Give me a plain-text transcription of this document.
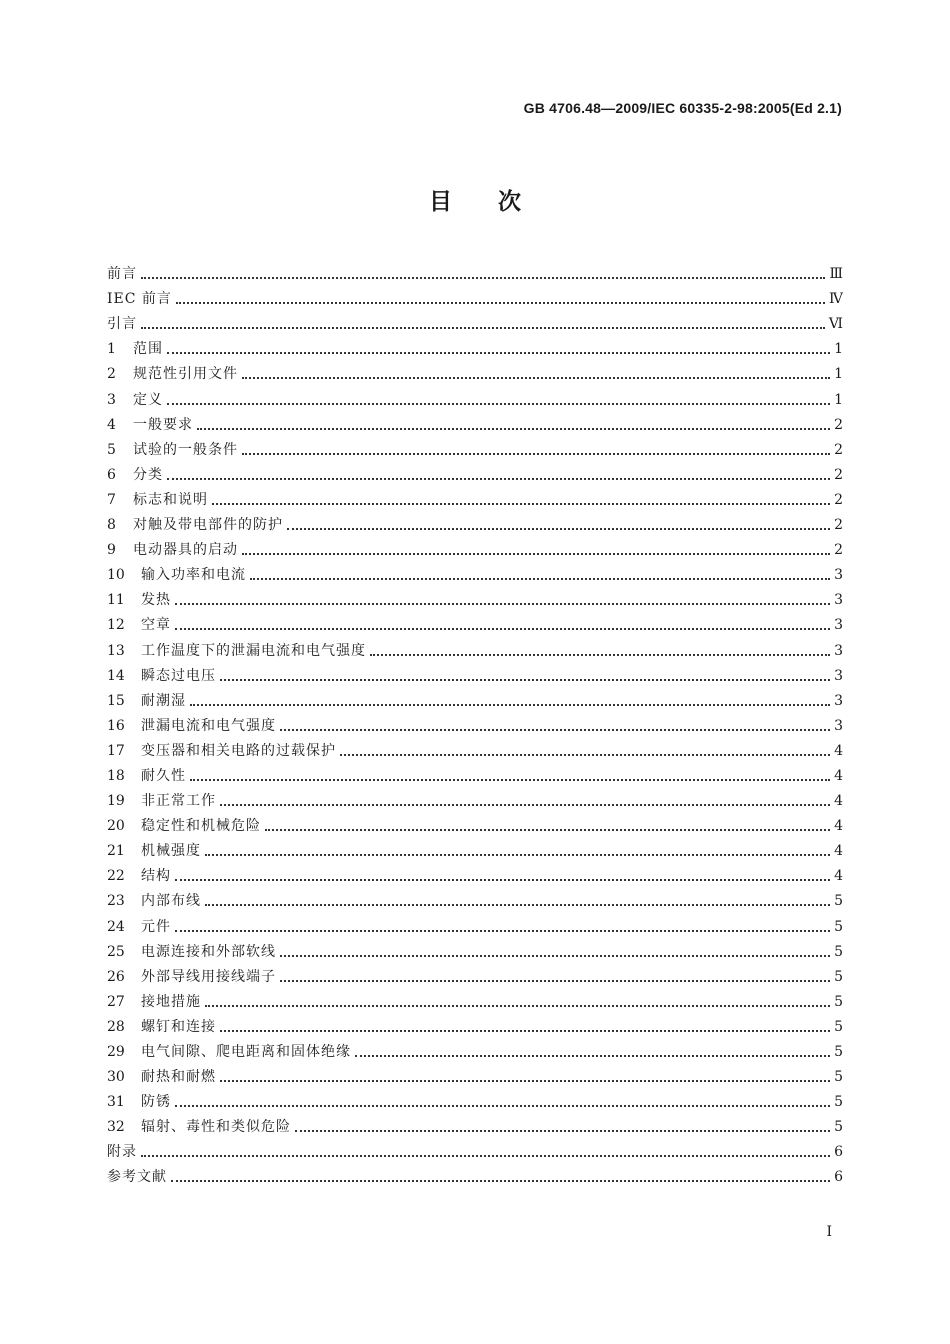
GB 4706.48—2009/IEC 60335-2-98:2005(Ed 2.1)
目　　次
前言	Ⅲ
IEC 前言	Ⅳ
引言	Ⅵ
1	范围	1
2	规范性引用文件	1
3	定义	1
4	一般要求	2
5	试验的一般条件	2
6	分类	2
7	标志和说明	2
8	对触及带电部件的防护	2
9	电动器具的启动	2
10	输入功率和电流	3
11	发热	3
12	空章	3
13	工作温度下的泄漏电流和电气强度	3
14	瞬态过电压	3
15	耐潮湿	3
16	泄漏电流和电气强度	3
17	变压器和相关电路的过载保护	4
18	耐久性	4
19	非正常工作	4
20	稳定性和机械危险	4
21	机械强度	4
22	结构	4
23	内部布线	5
24	元件	5
25	电源连接和外部软线	5
26	外部导线用接线端子	5
27	接地措施	5
28	螺钉和连接	5
29	电气间隙、爬电距离和固体绝缘	5
30	耐热和耐燃	5
31	防锈	5
32	辐射、毒性和类似危险	5
附录	6
参考文献	6
I
